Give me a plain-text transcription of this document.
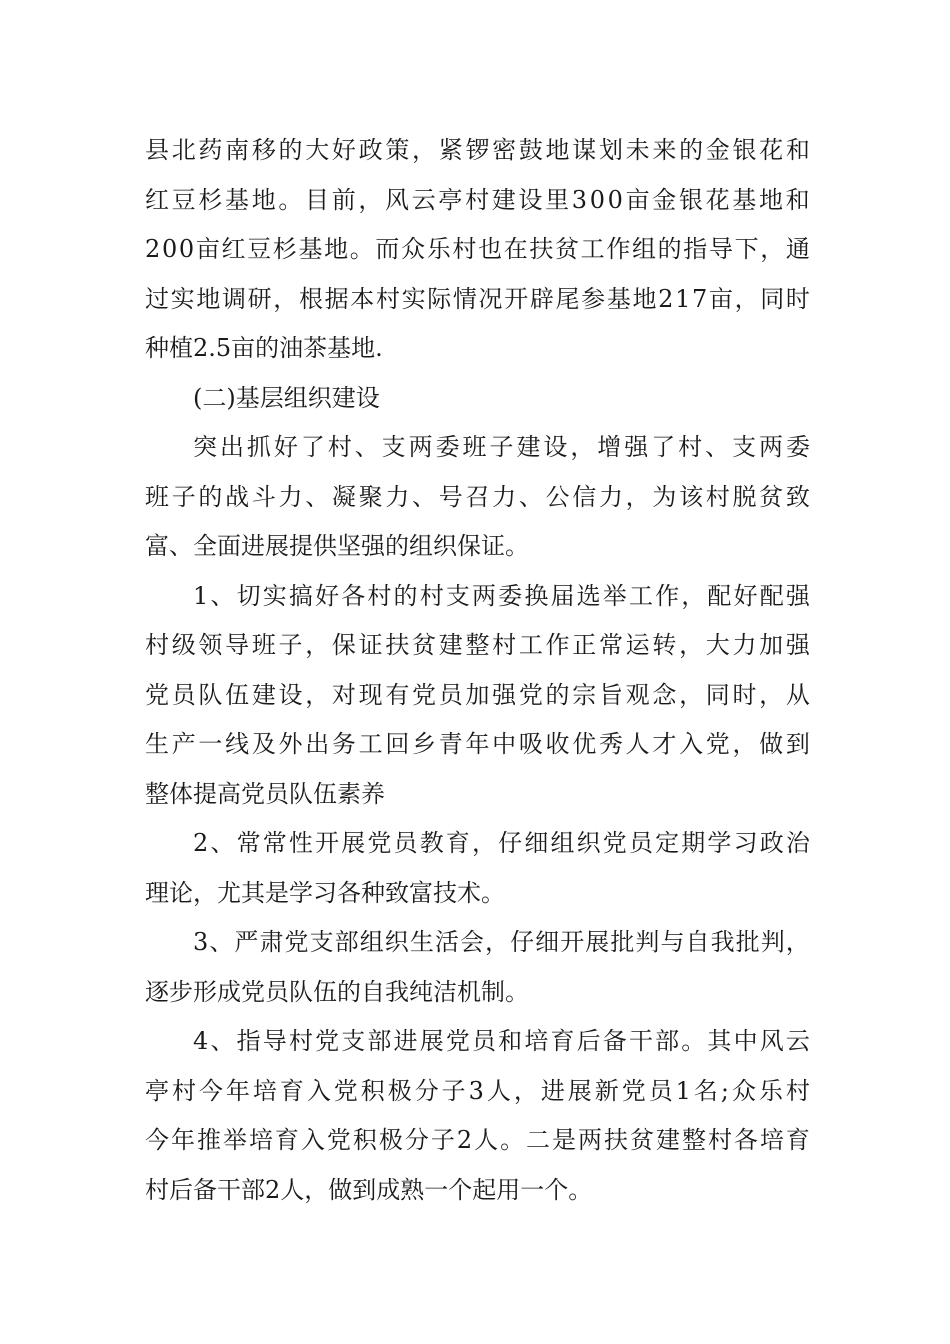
县 北 药 南 移 的 大 好 政 策 ， 紧 锣 密 鼓 地 谋 划 未 来 的 金 银 花 和
红 豆 杉 基 地 。 目 前 ， 风 云 亭 村 建 设 里 3 0 0 亩 金 银 花 基 地 和
2 0 0 亩 红 豆 杉 基 地 。 而 众 乐 村 也 在 扶 贫 工 作 组 的 指 导 下 ， 通
过 实 地 调 研 ， 根 据 本 村 实 际 情 况 开 辟 尾 参 基 地 2 1 7 亩 ， 同 时
种植2.5亩的油茶基地.
(二)基层组织建设
突 出 抓 好 了 村 、 支 两 委 班 子 建 设 ， 增 强 了 村 、 支 两 委
班 子 的 战 斗 力 、 凝 聚 力 、 号 召 力 、 公 信 力 ， 为 该 村 脱 贫 致
富、全面进展提供坚强的组织保证。
1 、 切 实 搞 好 各 村 的 村 支 两 委 换 届 选 举 工 作 ， 配 好 配 强
村 级 领 导 班 子 ， 保 证 扶 贫 建 整 村 工 作 正 常 运 转 ， 大 力 加 强
党 员 队 伍 建 设 ， 对 现 有 党 员 加 强 党 的 宗 旨 观 念 ， 同 时 ， 从
生 产 一 线 及 外 出 务 工 回 乡 青 年 中 吸 收 优 秀 人 才 入 党 ， 做 到
整体提高党员队伍素养
2 、 常 常 性 开 展 党 员 教 育 ， 仔 细 组 织 党 员 定 期 学 习 政 治
理论，尤其是学习各种致富技术。
3 、 严 肃 党 支 部 组 织 生 活 会 ， 仔 细 开 展 批 判 与 自 我 批 判 ，
逐步形成党员队伍的自我纯洁机制。
4 、 指 导 村 党 支 部 进 展 党 员 和 培 育 后 备 干 部 。 其 中 风 云
亭 村 今 年 培 育 入 党 积 极 分 子 3 人 ， 进 展 新 党 员 1 名 ; 众 乐 村
今 年 推 举 培 育 入 党 积 极 分 子 2 人 。 二 是 两 扶 贫 建 整 村 各 培 育
村后备干部2人，做到成熟一个起用一个。
